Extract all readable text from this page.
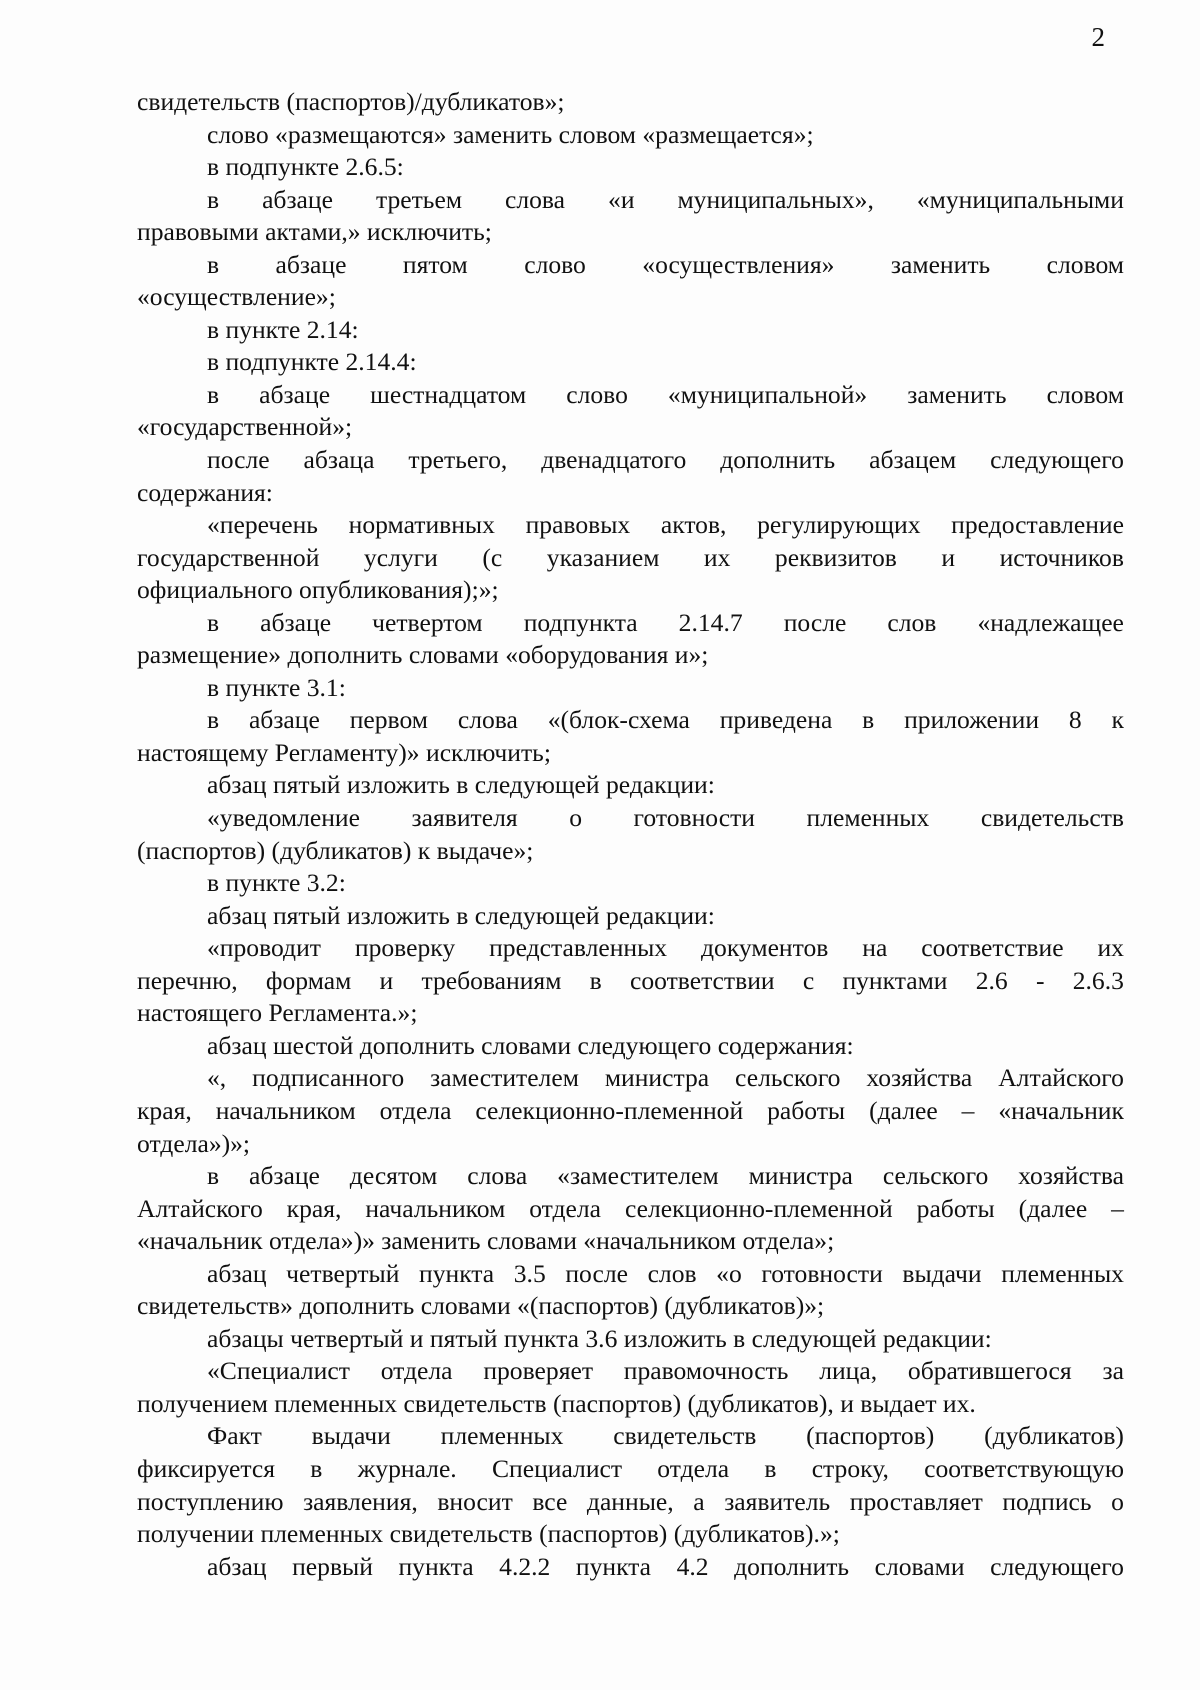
2
свидетельств (паспортов)/дубликатов»;
слово «размещаются» заменить словом «размещается»;
в подпункте 2.6.5:
в абзаце третьем слова «и муниципальных», «муниципальными
правовыми актами,» исключить;
в абзаце пятом слово «осуществления» заменить словом
«осуществление»;
в пункте 2.14:
в подпункте 2.14.4:
в абзаце шестнадцатом слово «муниципальной» заменить словом
«государственной»;
после абзаца третьего, двенадцатого дополнить абзацем следующего
содержания:
«перечень нормативных правовых актов, регулирующих предоставление
государственной услуги (с указанием их реквизитов и источников
официального опубликования);»;
в абзаце четвертом подпункта 2.14.7 после слов «надлежащее
размещение» дополнить словами «оборудования и»;
в пункте 3.1:
в абзаце первом слова «(блок-схема приведена в приложении 8 к
настоящему Регламенту)» исключить;
абзац пятый изложить в следующей редакции:
«уведомление заявителя о готовности племенных свидетельств
(паспортов) (дубликатов) к выдаче»;
в пункте 3.2:
абзац пятый изложить в следующей редакции:
«проводит проверку представленных документов на соответствие их
перечню, формам и требованиям в соответствии с пунктами 2.6 - 2.6.3
настоящего Регламента.»;
абзац шестой дополнить словами следующего содержания:
«, подписанного заместителем министра сельского хозяйства Алтайского
края, начальником отдела селекционно-племенной работы (далее – «начальник
отдела»)»;
в абзаце десятом слова «заместителем министра сельского хозяйства
Алтайского края, начальником отдела селекционно-племенной работы (далее –
«начальник отдела»)» заменить словами «начальником отдела»;
абзац четвертый пункта 3.5 после слов «о готовности выдачи племенных
свидетельств» дополнить словами «(паспортов) (дубликатов)»;
абзацы четвертый и пятый пункта 3.6 изложить в следующей редакции:
«Специалист отдела проверяет правомочность лица, обратившегося за
получением племенных свидетельств (паспортов) (дубликатов), и выдает их.
Факт выдачи племенных свидетельств (паспортов) (дубликатов)
фиксируется в журнале. Специалист отдела в строку, соответствующую
поступлению заявления, вносит все данные, а заявитель проставляет подпись о
получении племенных свидетельств (паспортов) (дубликатов).»;
абзац первый пункта 4.2.2 пункта 4.2 дополнить словами следующего
